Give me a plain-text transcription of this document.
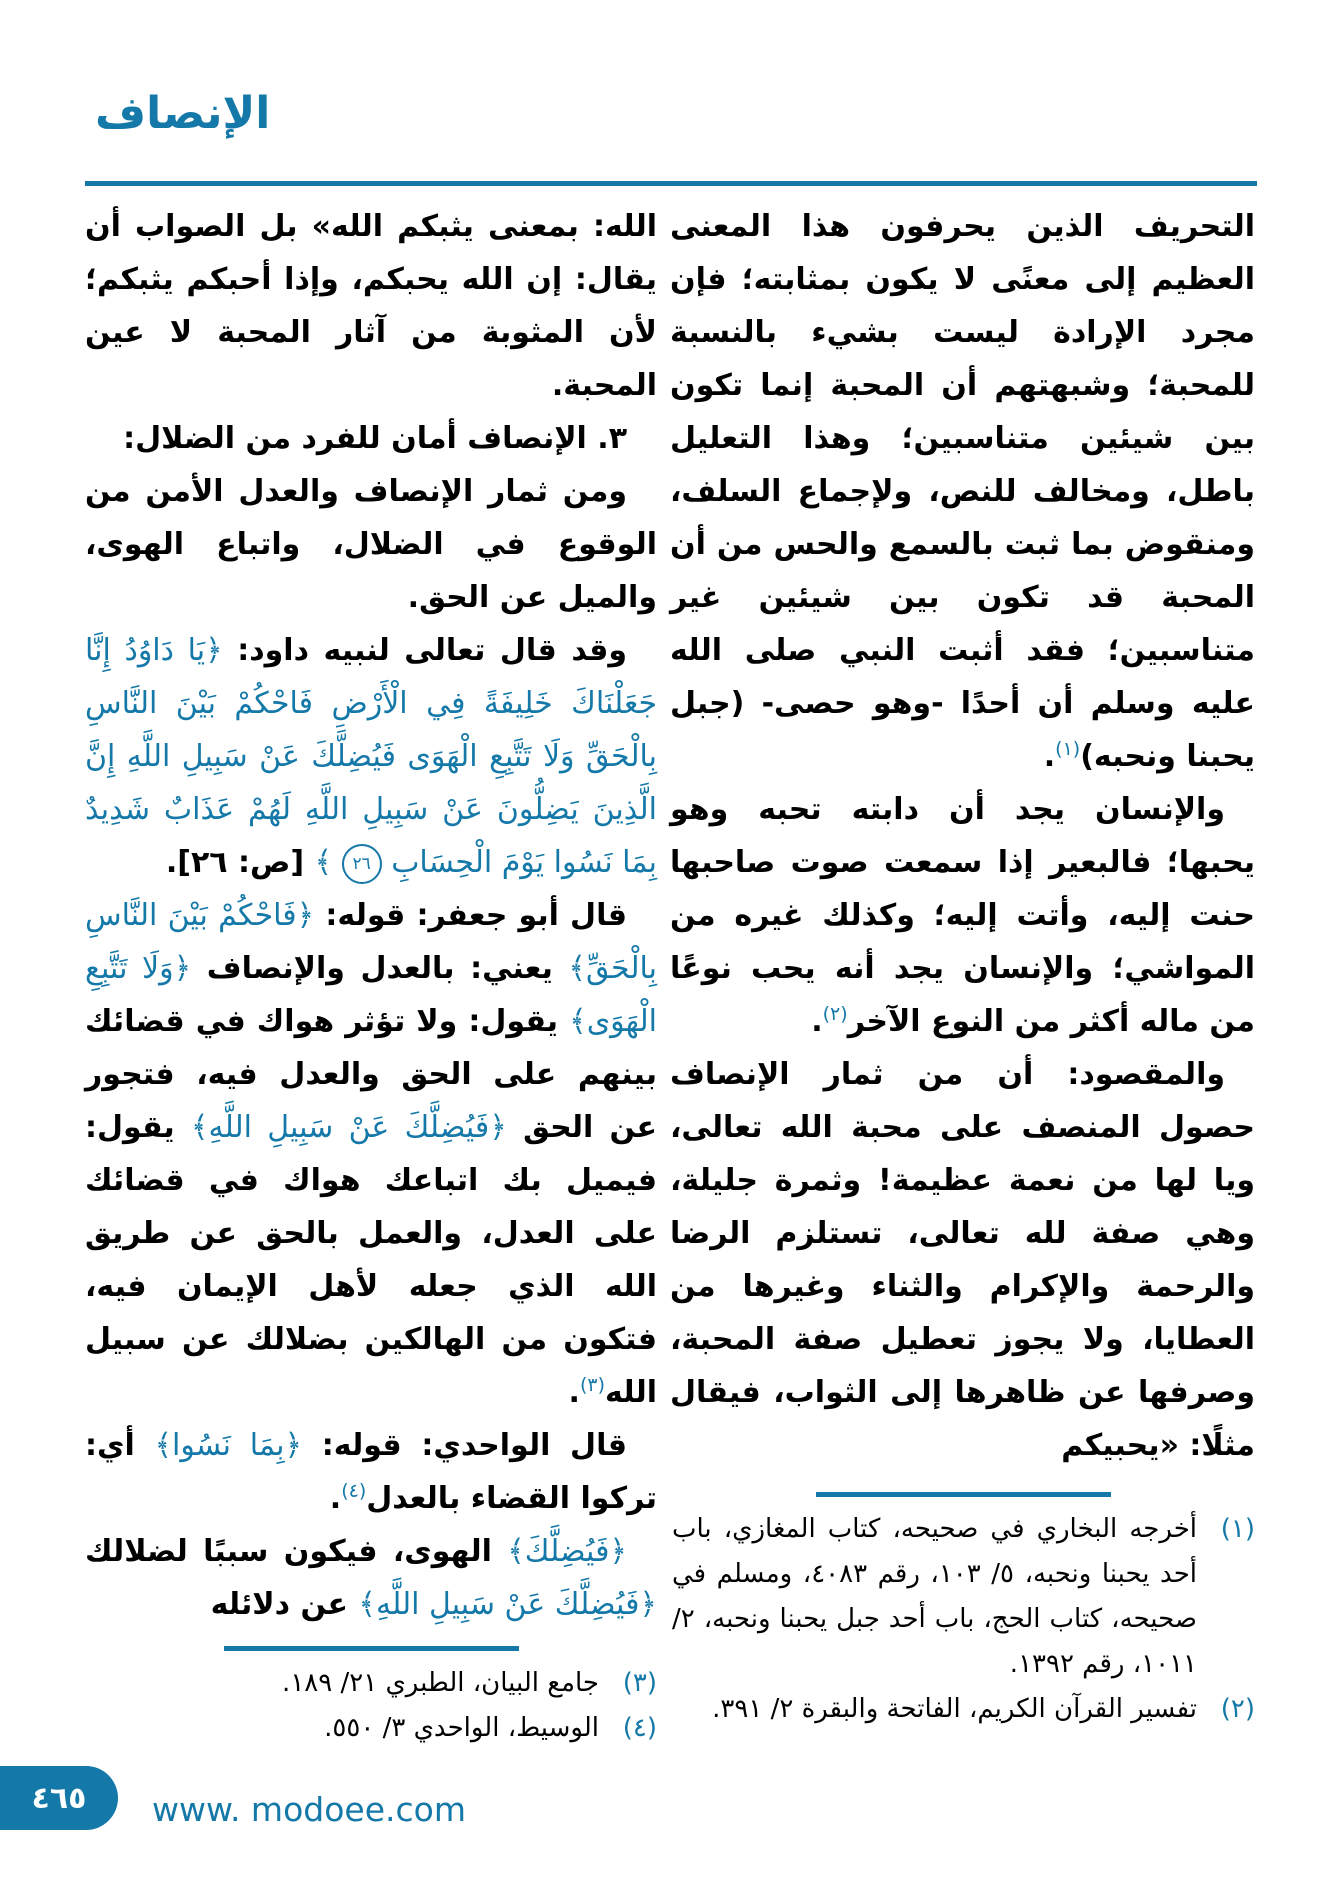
الإنصاف

التحريف الذين يحرفون هذا المعنى العظيم إلى معنًى لا يكون بمثابته؛ فإن مجرد الإرادة ليست بشيء بالنسبة للمحبة؛ وشبهتهم أن المحبة إنما تكون بين شيئين متناسبين؛ وهذا التعليل باطل، ومخالف للنص، ولإجماع السلف، ومنقوض بما ثبت بالسمع والحس من أن المحبة قد تكون بين شيئين غير متناسبين؛ فقد أثبت النبي صلى الله عليه وسلم أن أحدًا -وهو حصى- (جبل يحبنا ونحبه)$^{(١)}$.

والإنسان يجد أن دابته تحبه وهو يحبها؛ فالبعير إذا سمعت صوت صاحبها حنت إليه، وأتت إليه؛ وكذلك غيره من المواشي؛ والإنسان يجد أنه يحب نوعًا من ماله أكثر من النوع الآخر$^{(٢)}$.

والمقصود: أن من ثمار الإنصاف حصول المنصف على محبة الله تعالى، ويا لها من نعمة عظيمة! وثمرة جليلة، وهي صفة لله تعالى، تستلزم الرضا والرحمة والإكرام والثناء وغيرها من العطايا، ولا يجوز تعطيل صفة المحبة، وصرفها عن ظاهرها إلى الثواب، فيقال مثلًا: «يحبيكم

الله: بمعنى يثبكم الله» بل الصواب أن يقال: إن الله يحبكم، وإذا أحبكم يثبكم؛ لأن المثوبة من آثار المحبة لا عين المحبة.

٣. الإنصاف أمان للفرد من الضلال:

ومن ثمار الإنصاف والعدل الأمن من الوقوع في الضلال، واتباع الهوى، والميل عن الحق.

وقد قال تعالى لنبيه داود: ﴿يَا دَاوُدُ إِنَّا جَعَلْنَاكَ خَلِيفَةً فِي الْأَرْضِ فَاحْكُمْ بَيْنَ النَّاسِ بِالْحَقِّ وَلَا تَتَّبِعِ الْهَوَى فَيُضِلَّكَ عَنْ سَبِيلِ اللَّهِ إِنَّ الَّذِينَ يَضِلُّونَ عَنْ سَبِيلِ اللَّهِ لَهُمْ عَذَابٌ شَدِيدٌ بِمَا نَسُوا يَوْمَ الْحِسَابِ ٢٦ ﴾ [ص: ٢٦].

قال أبو جعفر: قوله: ﴿فَاحْكُمْ بَيْنَ النَّاسِ بِالْحَقِّ﴾ يعني: بالعدل والإنصاف ﴿وَلَا تَتَّبِعِ الْهَوَى﴾ يقول: ولا تؤثر هواك في قضائك بينهم على الحق والعدل فيه، فتجور عن الحق ﴿فَيُضِلَّكَ عَنْ سَبِيلِ اللَّهِ﴾ يقول: فيميل بك اتباعك هواك في قضائك على العدل، والعمل بالحق عن طريق الله الذي جعله لأهل الإيمان فيه، فتكون من الهالكين بضلالك عن سبيل الله$^{(٣)}$.

قال الواحدي: قوله: ﴿بِمَا نَسُوا﴾ أي: تركوا القضاء بالعدل$^{(٤)}$.

﴿فَيُضِلَّكَ﴾ الهوى، فيكون سببًا لضلالك ﴿فَيُضِلَّكَ عَنْ سَبِيلِ اللَّهِ﴾ عن دلائله

(١)
أخرجه البخاري في صحيحه، كتاب المغازي، باب أحد يحبنا ونحبه، ٥/ ١٠٣، رقم ٤٠٨٣، ومسلم في صحيحه، كتاب الحج، باب أحد جبل يحبنا ونحبه، ٢/ ١٠١١، رقم ١٣٩٢.
(٢)
تفسير القرآن الكريم، الفاتحة والبقرة ٢/ ٣٩١.
(٣)
جامع البيان، الطبري ٢١/ ١٨٩.
(٤)
الوسيط، الواحدي ٣/ ٥٥٠.
٤٦٥ www. modoee.com
